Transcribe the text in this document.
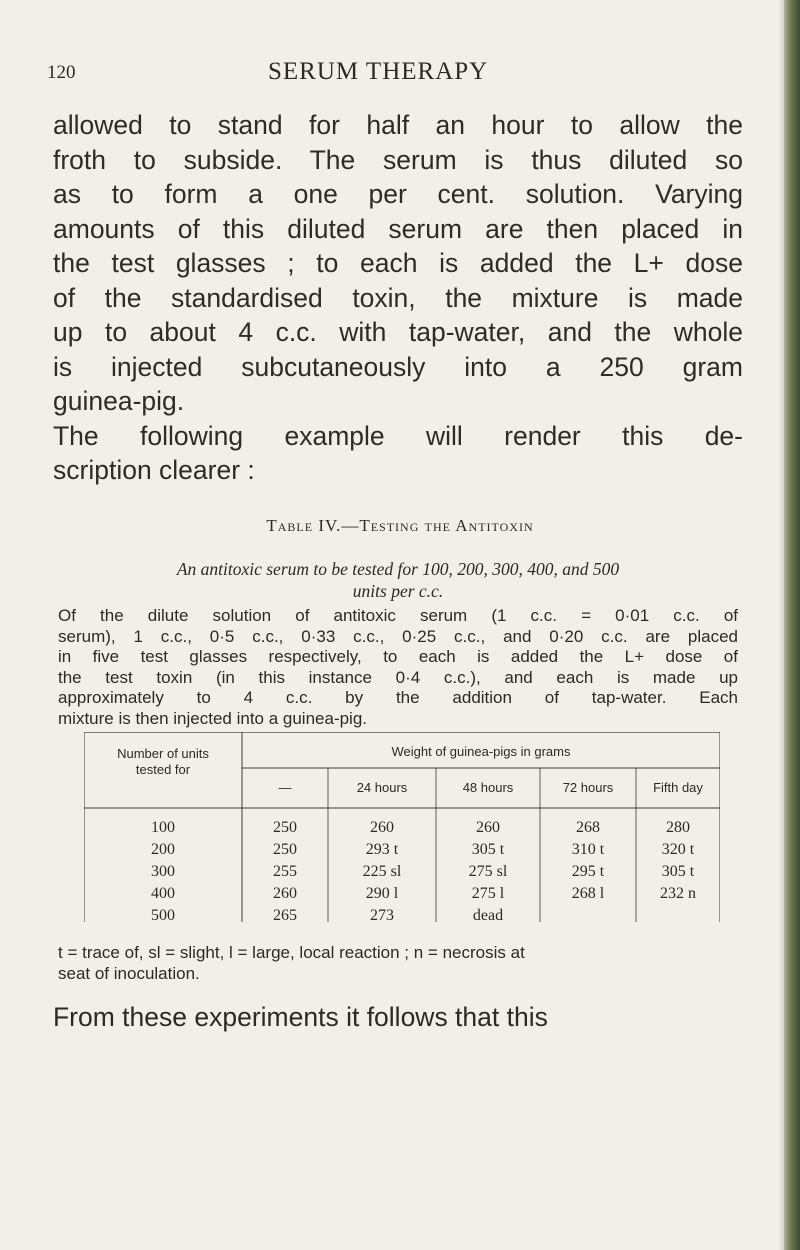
120	SERUM THERAPY
allowed to stand for half an hour to allow the
froth to subside. The serum is thus diluted so
as to form a one per cent. solution. Varying
amounts of this diluted serum are then placed in
the test glasses ; to each is added the L+ dose
of the standardised toxin, the mixture is made
up to about 4 c.c. with tap-water, and the whole
is injected subcutaneously into a 250 gram
guinea-pig.
The following example will render this de-
scription clearer :
Table IV.—Testing the Antitoxin
An antitoxic serum to be tested for 100, 200, 300, 400, and 500
units per c.c.
Of the dilute solution of antitoxic serum (1 c.c. = 0·01 c.c. of
serum), 1 c.c., 0·5 c.c., 0·33 c.c., 0·25 c.c., and 0·20 c.c. are placed
in five test glasses respectively, to each is added the L+ dose of
the test toxin (in this instance 0·4 c.c.), and each is made up
approximately to 4 c.c. by the addition of tap-water. Each
mixture is then injected into a guinea-pig.
Number of units
tested for
Weight of guinea-pigs in grams
—	24 hours	48 hours	72 hours	Fifth day
100	250	260	260	268	280
200	250	293 t	305 t	310 t	320 t
300	255	225 sl	275 sl	295 t	305 t
400	260	290 l	275 l	268 l	232 n
500	265	273	dead
t = trace of, sl = slight, l = large, local reaction ; n = necrosis at
seat of inoculation.
From these experiments it follows that this
